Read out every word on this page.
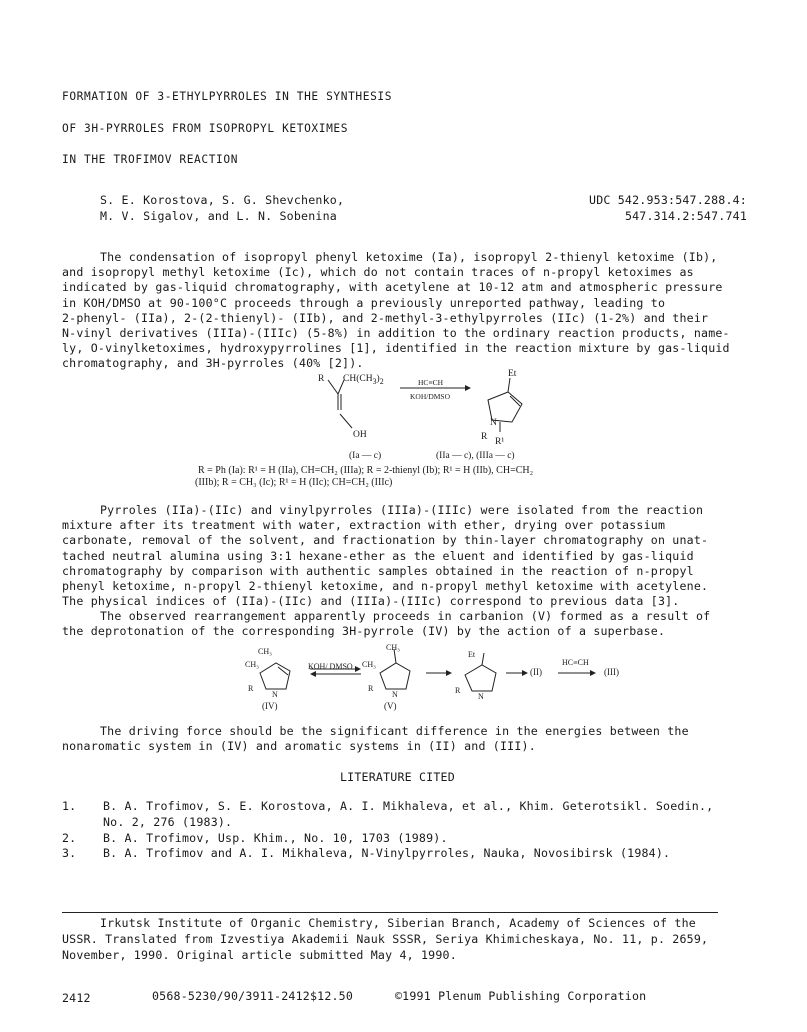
FORMATION OF 3-ETHYLPYRROLES IN THE SYNTHESIS
OF 3H-PYRROLES FROM ISOPROPYL KETOXIMES
IN THE TROFIMOV REACTION
S. E. Korostova, S. G. Shevchenko,
M. V. Sigalov, and L. N. Sobenina
UDC 542.953:547.288.4:
547.314.2:547.741
The condensation of isopropyl phenyl ketoxime (Ia), isopropyl 2-thienyl ketoxime (Ib),
and isopropyl methyl ketoxime (Ic), which do not contain traces of n-propyl ketoximes as
indicated by gas-liquid chromatography, with acetylene at 10-12 atm and atmospheric pressure
in KOH/DMSO at 90-100°C proceeds through a previously unreported pathway, leading to
2-phenyl- (IIa), 2-(2-thienyl)- (IIb), and 2-methyl-3-ethylpyrroles (IIc) (1-2%) and their
N-vinyl derivatives (IIIa)-(IIIc) (5-8%) in addition to the ordinary reaction products, name-
ly, O-vinylketoximes, hydroxypyrrolines [1], identified in the reaction mixture by gas-liquid
chromatography, and 3H-pyrroles (40% [2]).
R $CH(CH_3)_2$	HC≡CH
KOH/DMSO
Et
OH
N
R R¹
(Ia — c)	(IIa — c), (IIIa — c)
R = Ph (Ia): R¹ = H (IIa), CH=CH₂ (IIIa); R = 2-thienyl (Ib); R¹ = H (IIb), CH=CH₂
(IIIb); R = CH₃ (Ic); R¹ = H (IIc); CH=CH₂ (IIIc)
Pyrroles (IIa)-(IIc) and vinylpyrroles (IIIa)-(IIIc) were isolated from the reaction
mixture after its treatment with water, extraction with ether, drying over potassium
carbonate, removal of the solvent, and fractionation by thin-layer chromatography on unat-
tached neutral alumina using 3:1 hexane-ether as the eluent and identified by gas-liquid
chromatography by comparison with authentic samples obtained in the reaction of n-propyl
phenyl ketoxime, n-propyl 2-thienyl ketoxime, and n-propyl methyl ketoxime with acetylene.
The physical indices of (IIa)-(IIc) and (IIIa)-(IIIc) correspond to previous data [3].
The observed rearrangement apparently proceeds in carbanion (V) formed as a result of
the deprotonation of the corresponding 3H-pyrrole (IV) by the action of a superbase.
CH₃
CH₃	KOH/ DMSO CH₃
CH₃
Et
R
N
R
N	R
N
(II)
HC≡CH
(III)
(IV)	(V)
The driving force should be the significant difference in the energies between the
nonaromatic system in (IV) and aromatic systems in (II) and (III).
LITERATURE CITED
1. B. A. Trofimov, S. E. Korostova, A. I. Mikhaleva, et al., Khim. Geterotsikl. Soedin.,
No. 2, 276 (1983).
2. B. A. Trofimov, Usp. Khim., No. 10, 1703 (1989).
3. B. A. Trofimov and A. I. Mikhaleva, N-Vinylpyrroles, Nauka, Novosibirsk (1984).
Irkutsk Institute of Organic Chemistry, Siberian Branch, Academy of Sciences of the
USSR. Translated from Izvestiya Akademii Nauk SSSR, Seriya Khimicheskaya, No. 11, p. 2659,
November, 1990. Original article submitted May 4, 1990.
2412	0568-5230/90/3911-2412$12.50	©1991 Plenum Publishing Corporation
